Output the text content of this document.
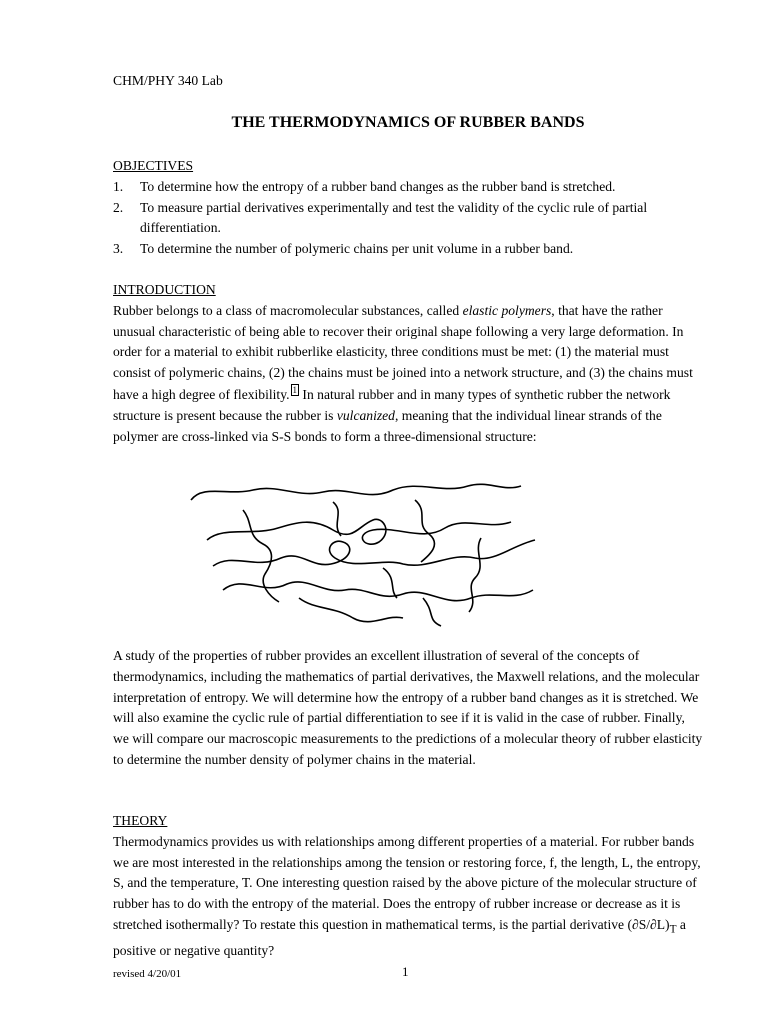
CHM/PHY 340 Lab
THE THERMODYNAMICS OF RUBBER BANDS
OBJECTIVES
1. To determine how the entropy of a rubber band changes as the rubber band is stretched.
2. To measure partial derivatives experimentally and test the validity of the cyclic rule of partial differentiation.
3. To determine the number of polymeric chains per unit volume in a rubber band.
INTRODUCTION

Rubber belongs to a class of macromolecular substances, called elastic polymers, that have the rather unusual characteristic of being able to recover their original shape following a very large deformation. In order for a material to exhibit rubberlike elasticity, three conditions must be met: (1) the material must consist of polymeric chains, (2) the chains must be joined into a network structure, and (3) the chains must have a high degree of flexibility. 1 In natural rubber and in many types of synthetic rubber the network structure is present because the rubber is vulcanized, meaning that the individual linear strands of the polymer are cross-linked via S-S bonds to form a three-dimensional structure:

A study of the properties of rubber provides an excellent illustration of several of the concepts of thermodynamics, including the mathematics of partial derivatives, the Maxwell relations, and the molecular interpretation of entropy. We will determine how the entropy of a rubber band changes as it is stretched. We will also examine the cyclic rule of partial differentiation to see if it is valid in the case of rubber. Finally, we will compare our macroscopic measurements to the predictions of a molecular theory of rubber elasticity to determine the number density of polymer chains in the material.

THEORY

Thermodynamics provides us with relationships among different properties of a material. For rubber bands we are most interested in the relationships among the tension or restoring force, f, the length, L, the entropy, S, and the temperature, T. One interesting question raised by the above picture of the molecular structure of rubber has to do with the entropy of the material. Does the entropy of rubber increase or decrease as it is stretched isothermally? To restate this question in mathematical terms, is the partial derivative $(\partial S/\partial L)_T$ a positive or negative quantity?

revised 4/20/01	1
